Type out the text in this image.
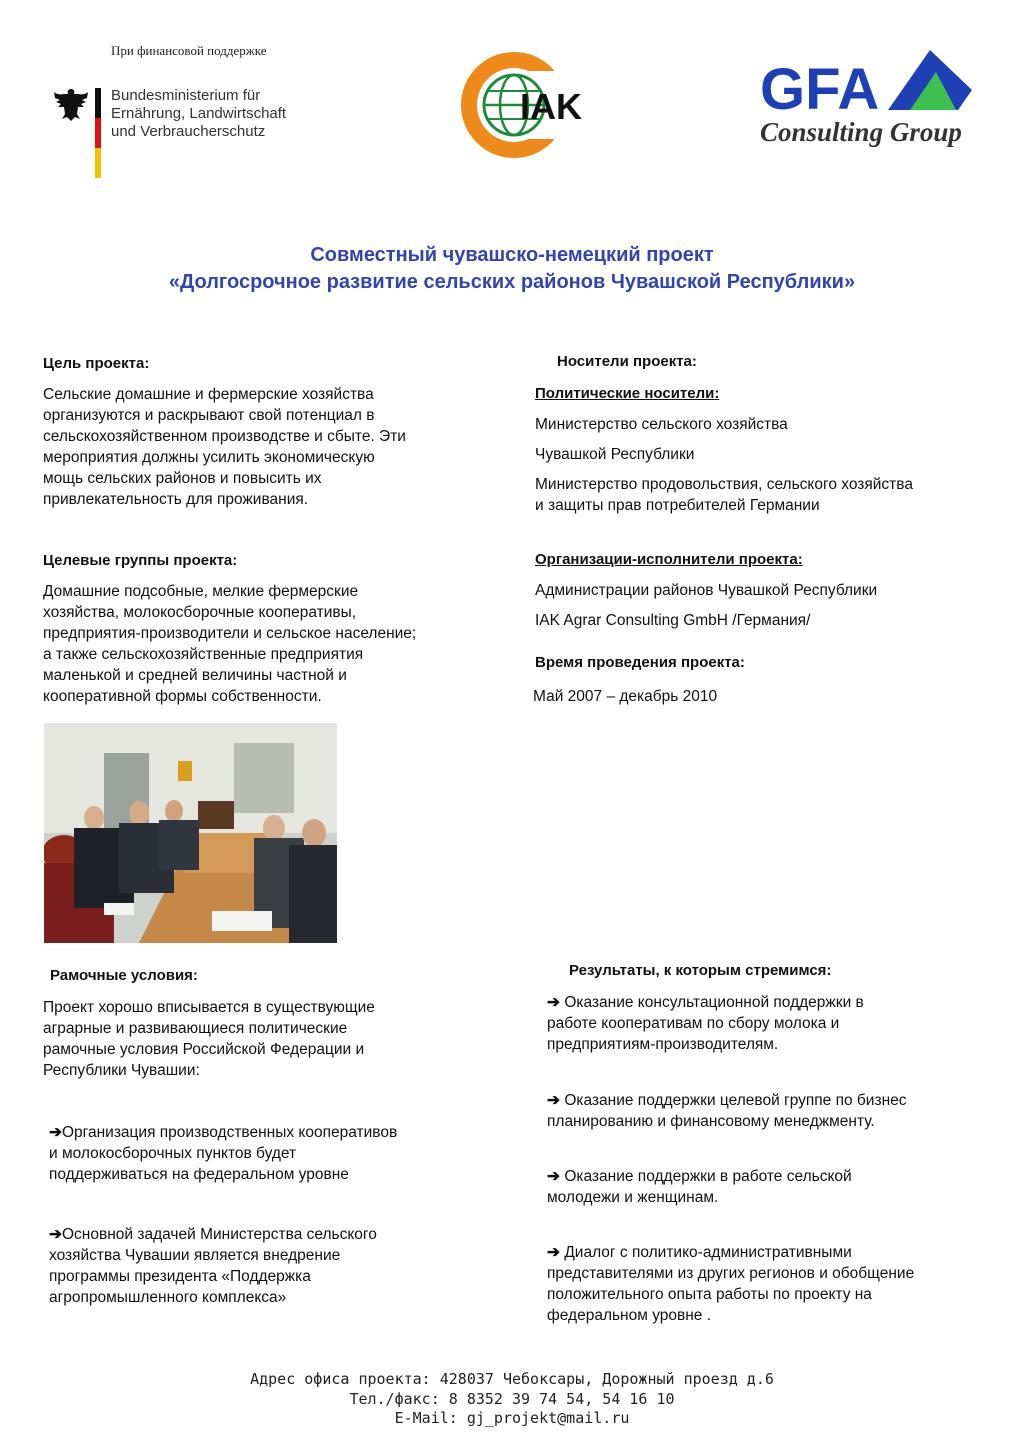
При финансовой поддержке
Bundesministerium für
Ernährung, Landwirtschaft
und Verbraucherschutz
IAK	GFA
Consulting Group
Совместный чувашско-немецкий проект
«Долгосрочное развитие сельских районов Чувашской Республики»
Цель проекта:
Сельские домашние и фермерские хозяйства
организуются и раскрывают свой потенциал в
сельскохозяйственном производстве и сбыте. Эти
мероприятия должны усилить экономическую
мощь сельских районов и повысить их
привлекательность для проживания.
Целевые группы проекта:
Домашние подсобные, мелкие фермерские
хозяйства, молокосборочные кооперативы,
предприятия-производители и сельское население;
а также сельскохозяйственные предприятия
маленькой и средней величины частной и
кооперативной формы собственности.
Носители проекта:
Политические носители:
Министерство сельского хозяйства
Чувашкой Республики
Министерство продовольствия, сельского хозяйства
и защиты прав потребителей Германии
Организации-исполнители проекта:
Администрации районов Чувашкой Республики
IAK Agrar Consulting GmbH /Германия/
Время проведения проекта:
Май 2007 – декабрь 2010
Рамочные условия:
Проект хорошо вписывается в существующие
аграрные и развивающиеся политические
рамочные условия Российской Федерации и
Республики Чувашии:
➔Организация производственных кооперативов
и молокосборочных пунктов будет
поддерживаться на федеральном уровне
➔Основной задачей Министерства сельского
хозяйства Чувашии является внедрение
программы президента «Поддержка
агропромышленного комплекса»
Результаты, к которым стремимся:
➔ Оказание консультационной поддержки в
работе кооперативам по сбору молока и
предприятиям-производителям.
➔ Оказание поддержки целевой группе по бизнес
планированию и финансовому менеджменту.
➔ Оказание поддержки в работе сельской
молодежи и женщинам.
➔ Диалог с политико-административными
представителями из других регионов и обобщение
положительного опыта работы по проекту на
федеральном уровне .
Адрес офиса проекта: 428037 Чебоксары, Дорожный проезд д.6
Тел./факс: 8 8352 39 74 54, 54 16 10
E-Mail: gj_projekt@mail.ru
